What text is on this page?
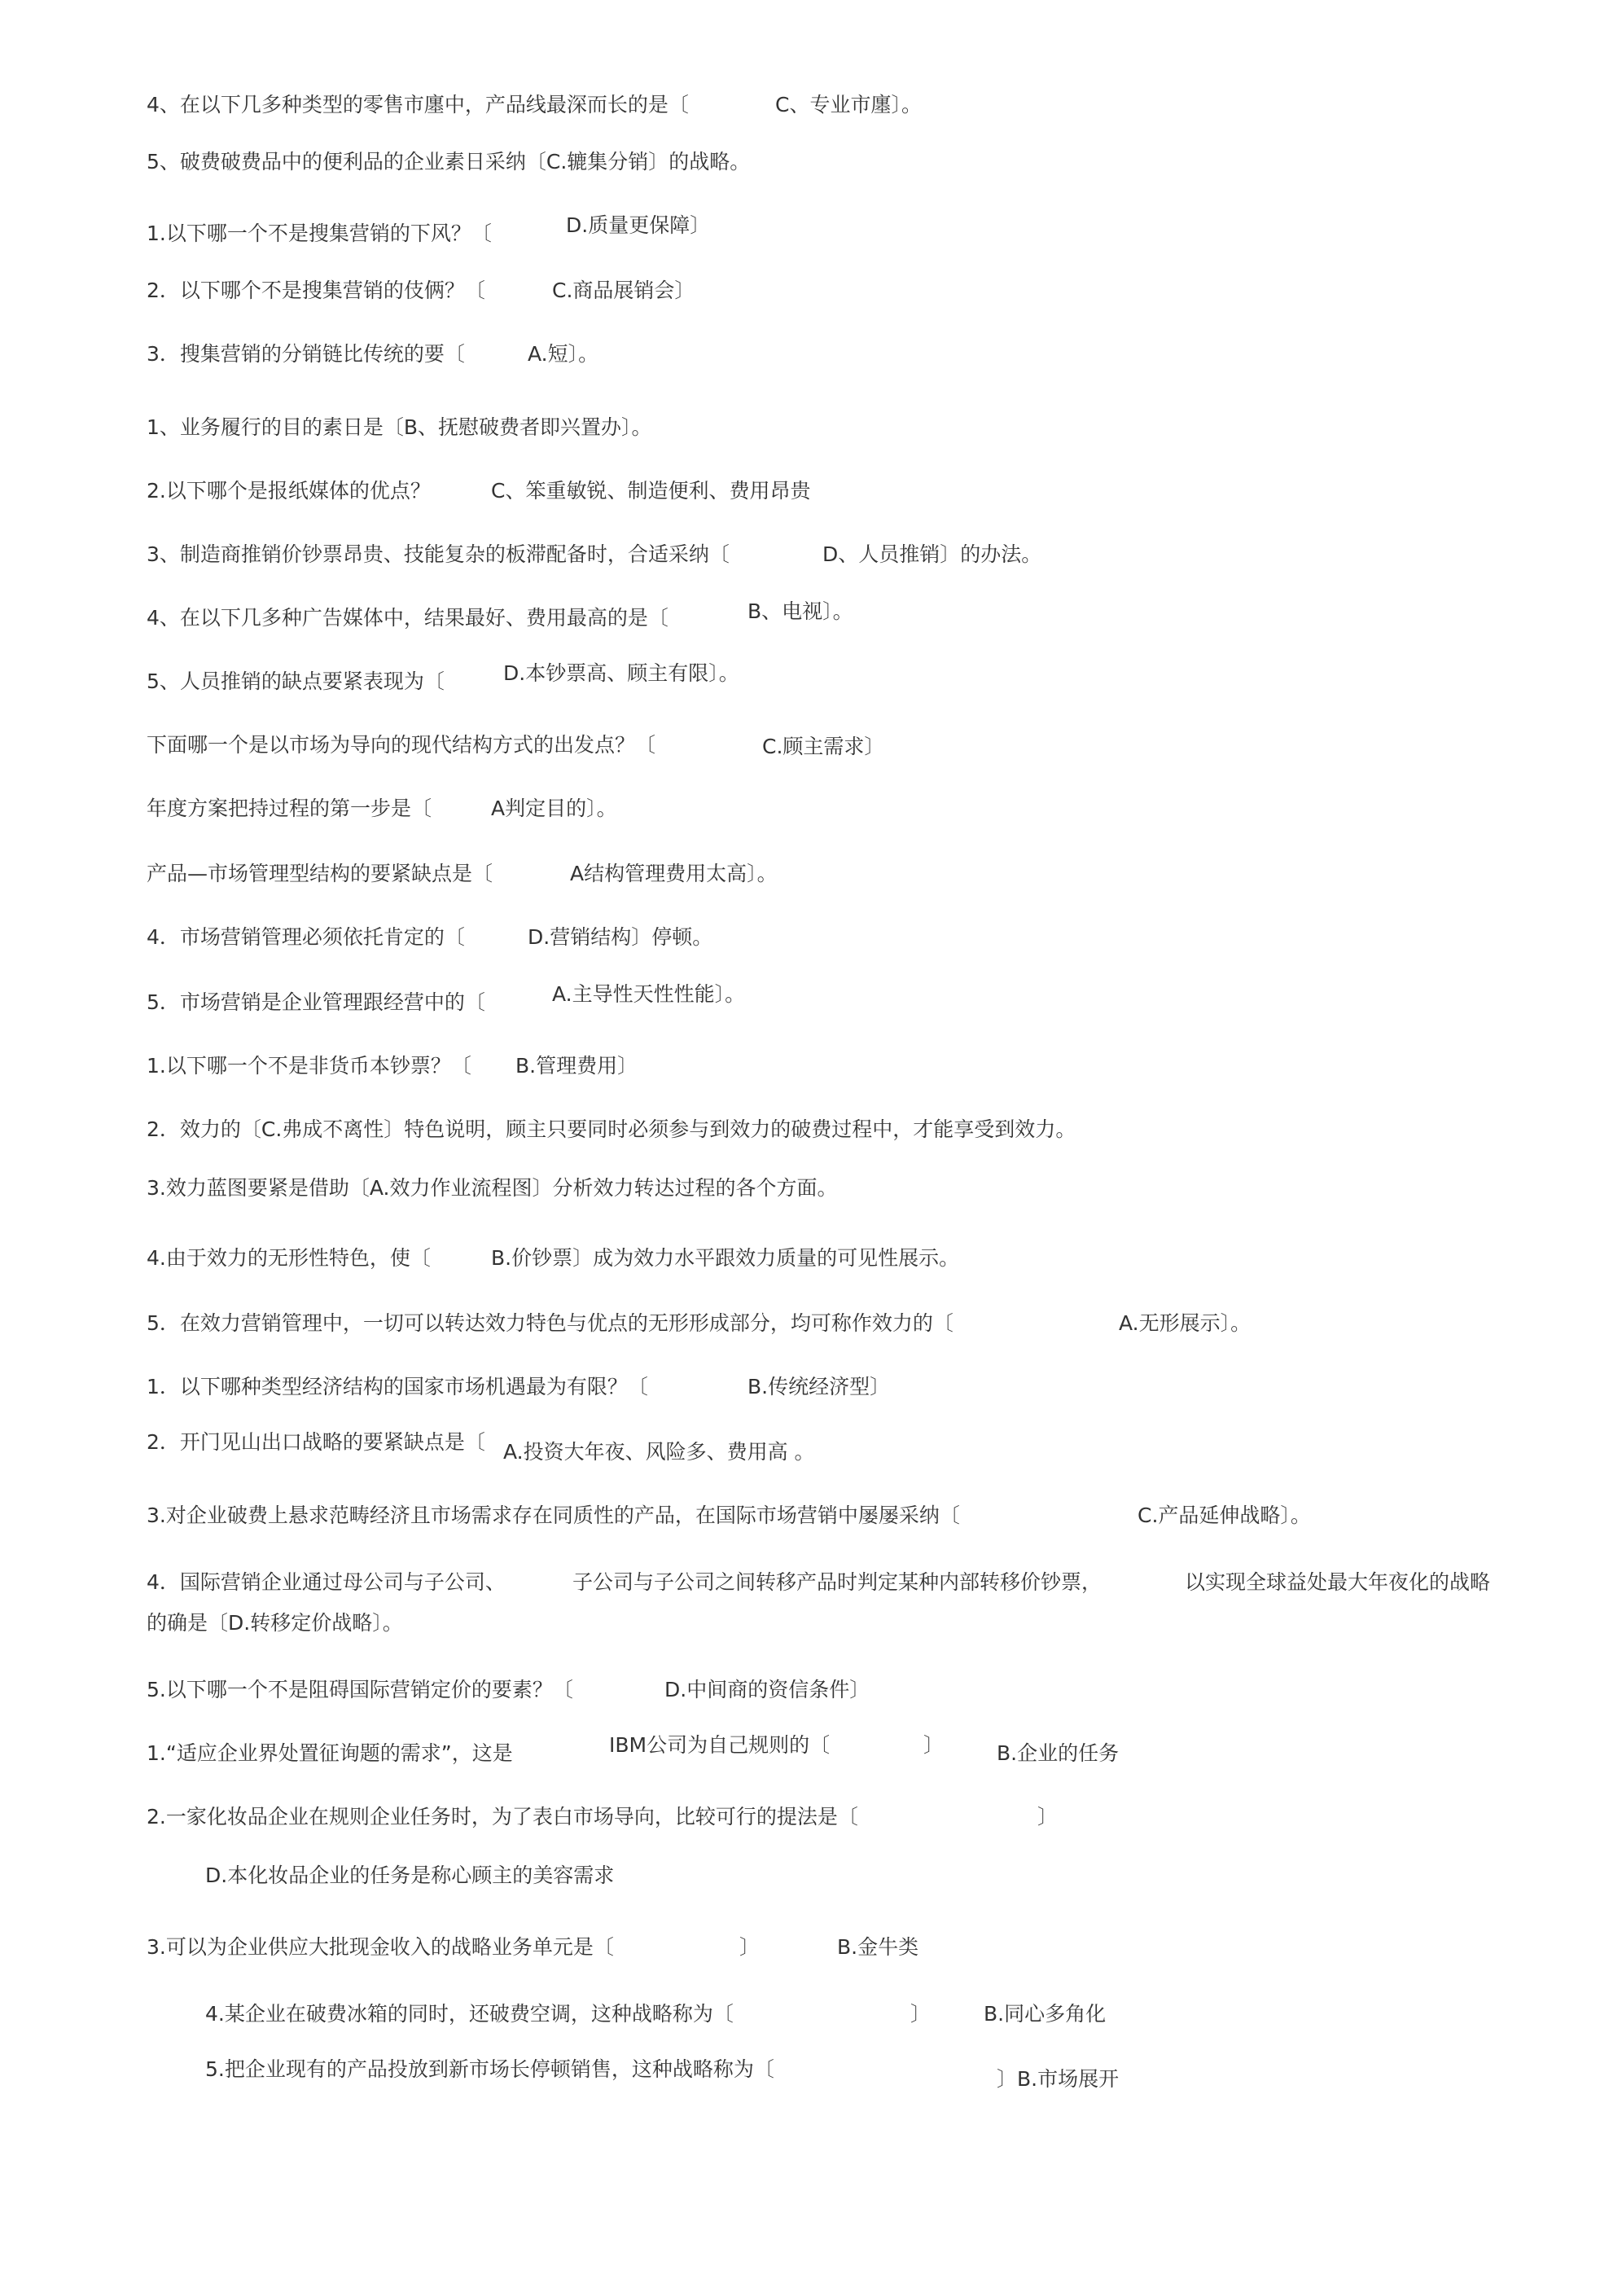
4、在以下几多种类型的零售市廛中，产品线最深而长的是〔	C、专业市廛〕。
5、破费破费品中的便利品的企业素日采纳〔C.辘集分销〕的战略。
1.以下哪一个不是搜集营销的下风？〔	D.质量更保障〕
2．以下哪个不是搜集营销的伎俩？〔	C.商品展销会〕
3．搜集营销的分销链比传统的要〔	A.短〕。
1、业务履行的目的素日是〔B、抚慰破费者即兴置办〕。
2.以下哪个是报纸媒体的优点？	C、笨重敏锐、制造便利、费用昂贵
3、制造商推销价钞票昂贵、技能复杂的板滞配备时，合适采纳〔	D、人员推销〕的办法。
4、在以下几多种广告媒体中，结果最好、费用最高的是〔	B、电视〕。
5、人员推销的缺点要紧表现为〔	D.本钞票高、顾主有限〕。
下面哪一个是以市场为导向的现代结构方式的出发点？〔	C.顾主需求〕
年度方案把持过程的第一步是〔	A判定目的〕。
产品—市场管理型结构的要紧缺点是〔	A结构管理费用太高〕。
4．市场营销管理必须依托肯定的〔	D.营销结构〕停顿。
5．市场营销是企业管理跟经营中的〔	A.主导性天性性能〕。
1.以下哪一个不是非货币本钞票？〔 B.管理费用〕
2．效力的〔C.弗成不离性〕特色说明，顾主只要同时必须参与到效力的破费过程中，才能享受到效力。
3.效力蓝图要紧是借助〔A.效力作业流程图〕分析效力转达过程的各个方面。
4.由于效力的无形性特色，使〔	B.价钞票〕成为效力水平跟效力质量的可见性展示。
5．在效力营销管理中，一切可以转达效力特色与优点的无形形成部分，均可称作效力的〔	A.无形展示〕。
1．以下哪种类型经济结构的国家市场机遇最为有限？〔	B.传统经济型〕
2．开门见山出口战略的要紧缺点是〔 A.投资大年夜、风险多、费用高 。
3.对企业破费上悬求范畴经济且市场需求存在同质性的产品，在国际市场营销中屡屡采纳〔	C.产品延伸战略〕。
4．国际营销企业通过母公司与子公司、	子公司与子公司之间转移产品时判定某种内部转移价钞票，	以实现全球益处最大年夜化的战略
的确是〔D.转移定价战略〕。
5.以下哪一个不是阻碍国际营销定价的要素？〔	D.中间商的资信条件〕
1.“适应企业界处置征询题的需求”，这是	IBM公司为自己规则的〔	〕	B.企业的任务
2.一家化妆品企业在规则企业任务时，为了表白市场导向，比较可行的提法是〔	〕
D.本化妆品企业的任务是称心顾主的美容需求
3.可以为企业供应大批现金收入的战略业务单元是〔	〕	B.金牛类
4.某企业在破费冰箱的同时，还破费空调，这种战略称为〔	〕	B.同心多角化
5.把企业现有的产品投放到新市场长停顿销售，这种战略称为〔	〕B.市场展开
